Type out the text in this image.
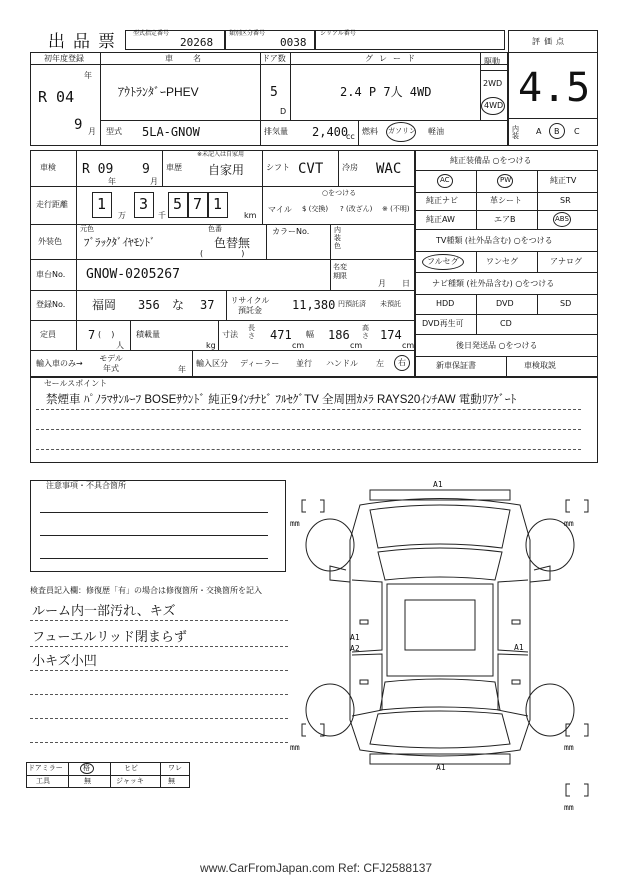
出品票 型式指定番号
20268
類別区分番号
0038
シリアル番号
評価点
4.5
内装	A B C
初年度登録
年
R 04
9 月
車名
ｱｳﾄﾗﾝﾀﾞｰPHEV
ドア数
5
D
グレード
2.4 P 7人 4WD
駆動
2WD
4WD
型式 5LA-GNOW	排気量 2,400
cc
燃料 ガソリン 軽油
車検 R 09
年
9
月
車歴
※未記入は自家用
自家用	シフト CVT 冷房 WAC
走行距離 1
万
3
千
5 7 1
km
マイル
○をつける
$ (交換) ? (改ざん) ※ (不明)
外装色
元色
ﾌﾞﾗｯｸﾀﾞｲﾔﾓﾝﾄﾞ
色番
色替無
(               )
カラーNo.	内装色
車台No. GNOW-0205267	名変期限
月 日
登録No. 福岡 356 な 37 リサイクル預託金	11,380 円預託済 未預託
定員	7 (    )
人
積載量
kg
寸法
長さ 471
cm
幅 186
cm
高さ 174
cm
輸入車のみ→
モデル年式	年
輸入区分 ディーラー 並行 ハンドル 左 右
純正装備品 ○をつける
AC	PW	純正TV
純正ナビ	革シート	SR
純正AW	エアB	ABS
TV種類 (社外品含む) ○をつける
フルセグ	ワンセグ	アナログ
ナビ種類 (社外品含む) ○をつける
HDD	DVD	SD
DVD再生可	CD
後日発送品 ○をつける
新車保証書	車検取説
セールスポイント
禁煙車 ﾊﾟﾉﾗﾏｻﾝﾙｰﾌ BOSEｻｳﾝﾄﾞ 純正9ｲﾝﾁﾅﾋﾞ ﾌﾙｾｸﾞTV 全周囲ｶﾒﾗ RAYS20ｲﾝﾁAW 電動ﾘｱｹﾞｰﾄ
注意事項・不具合箇所
検査員記入欄：修復歴「有」の場合は修復箇所・交換箇所を記入
ルーム内一部汚れ、キズ
フューエルリッド閉まらず
小キズ小凹
ドアミラー	格	ヒビ	ワレ
工具	無	ジャッキ	無
A1
A1
A1
A2	A1
mm	mm
mm	mm
mm
www.CarFromJapan.com Ref: CFJ2588137
